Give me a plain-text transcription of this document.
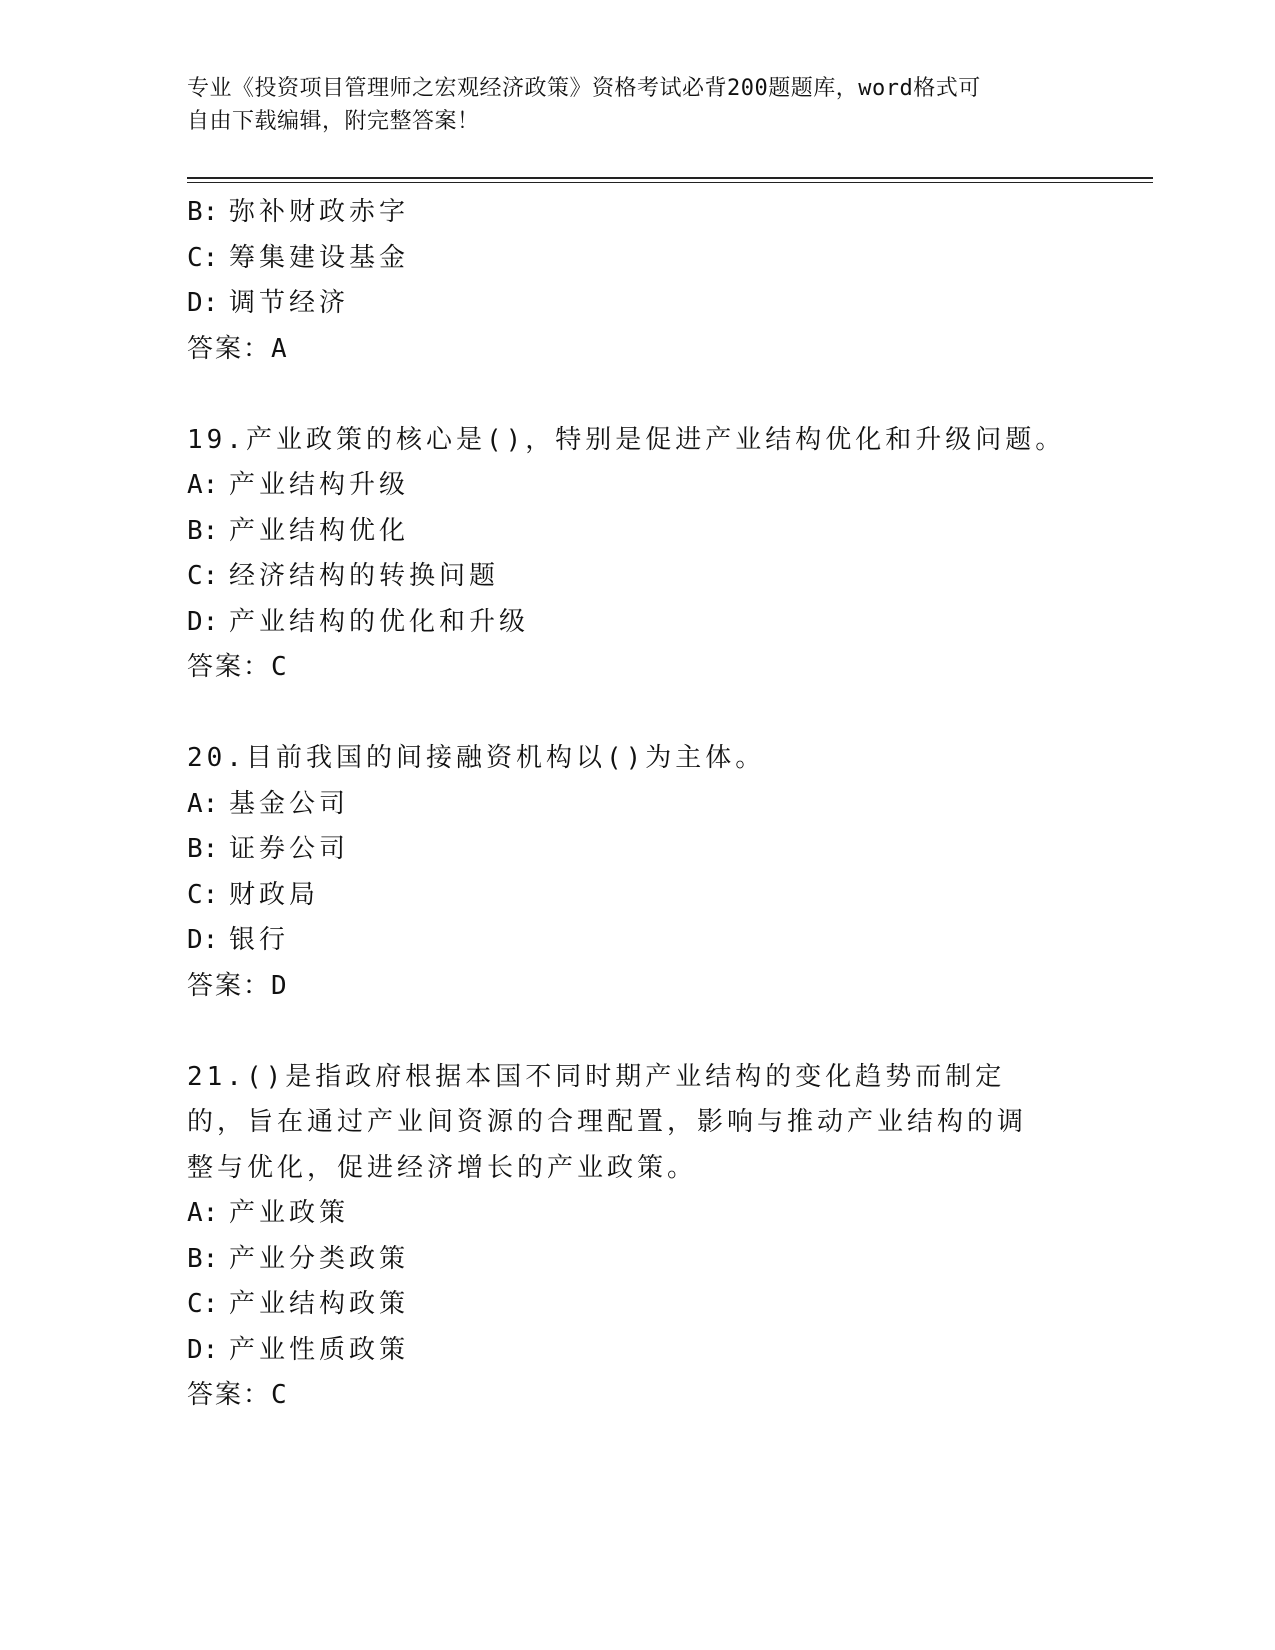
专业《投资项目管理师之宏观经济政策》资格考试必背200题题库，word格式可
自由下载编辑，附完整答案！
B: 弥补财政赤字
C: 筹集建设基金
D: 调节经济
答案：A
19.产业政策的核心是()，特别是促进产业结构优化和升级问题。
A: 产业结构升级
B: 产业结构优化
C: 经济结构的转换问题
D: 产业结构的优化和升级
答案：C
20.目前我国的间接融资机构以()为主体。
A: 基金公司
B: 证券公司
C: 财政局
D: 银行
答案：D
21.()是指政府根据本国不同时期产业结构的变化趋势而制定的，旨在通过产业间资源的合理配置，影响与推动产业结构的调整与优化，促进经济增长的产业政策。
A: 产业政策
B: 产业分类政策
C: 产业结构政策
D: 产业性质政策
答案：C
